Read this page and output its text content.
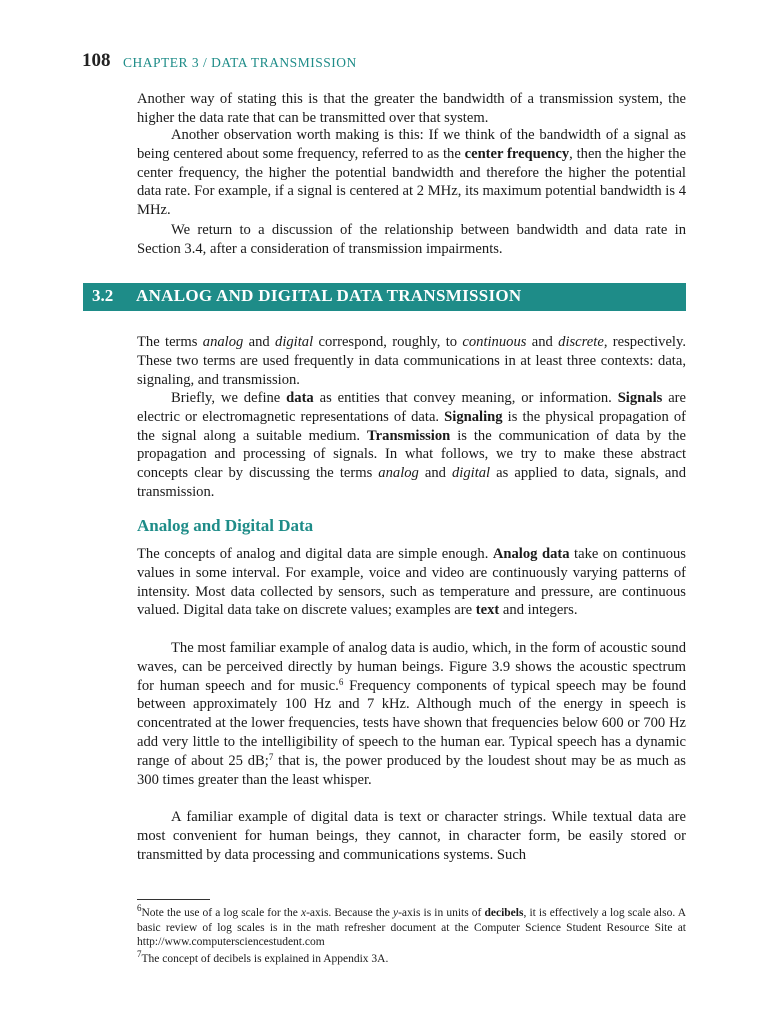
108 CHAPTER 3 / DATA TRANSMISSION

Another way of stating this is that the greater the bandwidth of a transmission system, the higher the data rate that can be transmitted over that system.

Another observation worth making is this: If we think of the bandwidth of a signal as being centered about some frequency, referred to as the center frequency, then the higher the center frequency, the higher the potential bandwidth and therefore the higher the potential data rate. For example, if a signal is centered at 2 MHz, its maximum potential bandwidth is 4 MHz.

We return to a discussion of the relationship between bandwidth and data rate in Section 3.4, after a consideration of transmission impairments.

3.2 ANALOG AND DIGITAL DATA TRANSMISSION

The terms analog and digital correspond, roughly, to continuous and discrete, respectively. These two terms are used frequently in data communications in at least three contexts: data, signaling, and transmission.

Briefly, we define data as entities that convey meaning, or information. Signals are electric or electromagnetic representations of data. Signaling is the physical propagation of the signal along a suitable medium. Transmission is the communication of data by the propagation and processing of signals. In what follows, we try to make these abstract concepts clear by discussing the terms analog and digital as applied to data, signals, and transmission.

Analog and Digital Data

The concepts of analog and digital data are simple enough. Analog data take on continuous values in some interval. For example, voice and video are continuously varying patterns of intensity. Most data collected by sensors, such as temperature and pressure, are continuous valued. Digital data take on discrete values; examples are text and integers.

The most familiar example of analog data is audio, which, in the form of acoustic sound waves, can be perceived directly by human beings. Figure 3.9 shows the acoustic spectrum for human speech and for music.$^6$ Frequency components of typical speech may be found between approximately 100 Hz and 7 kHz. Although much of the energy in speech is concentrated at the lower frequencies, tests have shown that frequencies below 600 or 700 Hz add very little to the intelligibility of speech to the human ear. Typical speech has a dynamic range of about 25 dB;$^7$ that is, the power produced by the loudest shout may be as much as 300 times greater than the least whisper.

A familiar example of digital data is text or character strings. While textual data are most convenient for human beings, they cannot, in character form, be easily stored or transmitted by data processing and communications systems. Such

$^6$Note the use of a log scale for the x-axis. Because the y-axis is in units of decibels, it is effectively a log scale also. A basic review of log scales is in the math refresher document at the Computer Science Student Resource Site at http://www.computersciencestudent.com

$^7$The concept of decibels is explained in Appendix 3A.
